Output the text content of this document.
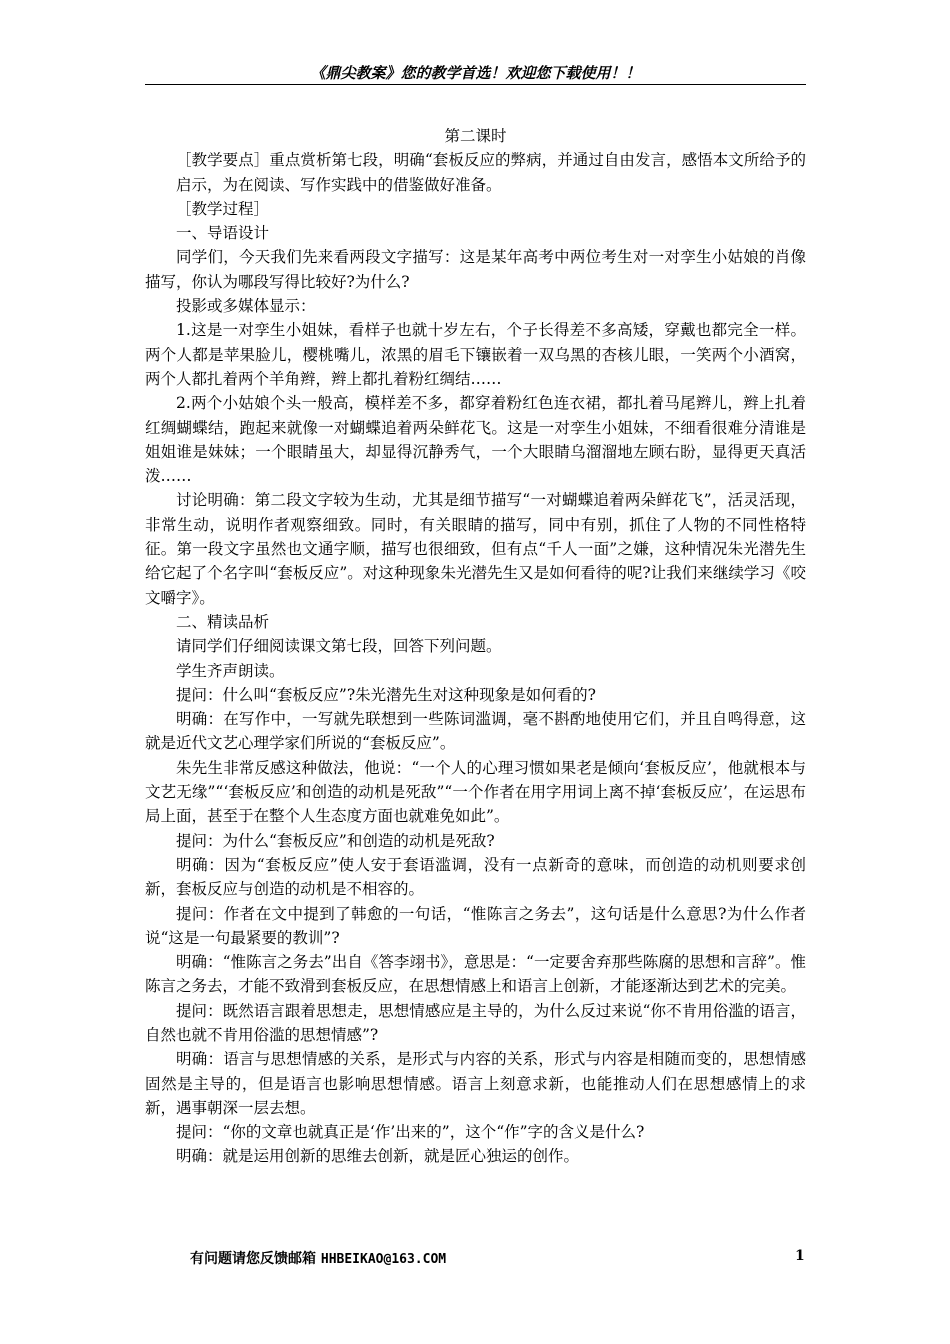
《鼎尖教案》您的教学首选！欢迎您下载使用！！

第二课时

［教学要点］重点赏析第七段，明确“套板反应的弊病，并通过自由发言，感悟本文所给予的启示，为在阅读、写作实践中的借鉴做好准备。

［教学过程］

一、导语设计

同学们，今天我们先来看两段文字描写：这是某年高考中两位考生对一对孪生小姑娘的肖像描写，你认为哪段写得比较好?为什么?

投影或多媒体显示：

1.这是一对孪生小姐妹，看样子也就十岁左右，个子长得差不多高矮，穿戴也都完全一样。两个人都是苹果脸儿，樱桃嘴儿，浓黑的眉毛下镶嵌着一双乌黑的杏核儿眼，一笑两个小酒窝，两个人都扎着两个羊角辫，辫上都扎着粉红绸结……

2.两个小姑娘个头一般高，模样差不多，都穿着粉红色连衣裙，都扎着马尾辫儿，辫上扎着红绸蝴蝶结，跑起来就像一对蝴蝶追着两朵鲜花飞。这是一对孪生小姐妹，不细看很难分清谁是姐姐谁是妹妹；一个眼睛虽大，却显得沉静秀气，一个大眼睛乌溜溜地左顾右盼，显得更天真活泼……

讨论明确：第二段文字较为生动，尤其是细节描写“一对蝴蝶追着两朵鲜花飞”，活灵活现，非常生动，说明作者观察细致。同时，有关眼睛的描写，同中有别，抓住了人物的不同性格特征。第一段文字虽然也文通字顺，描写也很细致，但有点“千人一面”之嫌，这种情况朱光潜先生给它起了个名字叫“套板反应”。对这种现象朱光潜先生又是如何看待的呢?让我们来继续学习《咬文嚼字》。

二、精读品析

请同学们仔细阅读课文第七段，回答下列问题。

学生齐声朗读。

提问：什么叫“套板反应”?朱光潜先生对这种现象是如何看的?

明确：在写作中，一写就先联想到一些陈词滥调，毫不斟酌地使用它们，并且自鸣得意，这就是近代文艺心理学家们所说的“套板反应”。

朱先生非常反感这种做法，他说：“一个人的心理习惯如果老是倾向‘套板反应’，他就根本与文艺无缘”“‘套板反应’和创造的动机是死敌”“一个作者在用字用词上离不掉‘套板反应’，在运思布局上面，甚至于在整个人生态度方面也就难免如此”。

提问：为什么“套板反应”和创造的动机是死敌?

明确：因为“套板反应”使人安于套语滥调，没有一点新奇的意味，而创造的动机则要求创新，套板反应与创造的动机是不相容的。

提问：作者在文中提到了韩愈的一句话，“惟陈言之务去”，这句话是什么意思?为什么作者说“这是一句最紧要的教训”?

明确：“惟陈言之务去”出自《答李翊书》，意思是：“一定要舍弃那些陈腐的思想和言辞”。惟陈言之务去，才能不致滑到套板反应，在思想情感上和语言上创新，才能逐渐达到艺术的完美。

提问：既然语言跟着思想走，思想情感应是主导的，为什么反过来说“你不肯用俗滥的语言，自然也就不肯用俗滥的思想情感”?

明确：语言与思想情感的关系，是形式与内容的关系，形式与内容是相随而变的，思想情感固然是主导的，但是语言也影响思想情感。语言上刻意求新，也能推动人们在思想感情上的求新，遇事朝深一层去想。

提问：“你的文章也就真正是‘作’出来的”，这个“作”字的含义是什么?

明确：就是运用创新的思维去创新，就是匠心独运的创作。

有问题请您反馈邮箱 HHBEIKAO@163.COM	1
